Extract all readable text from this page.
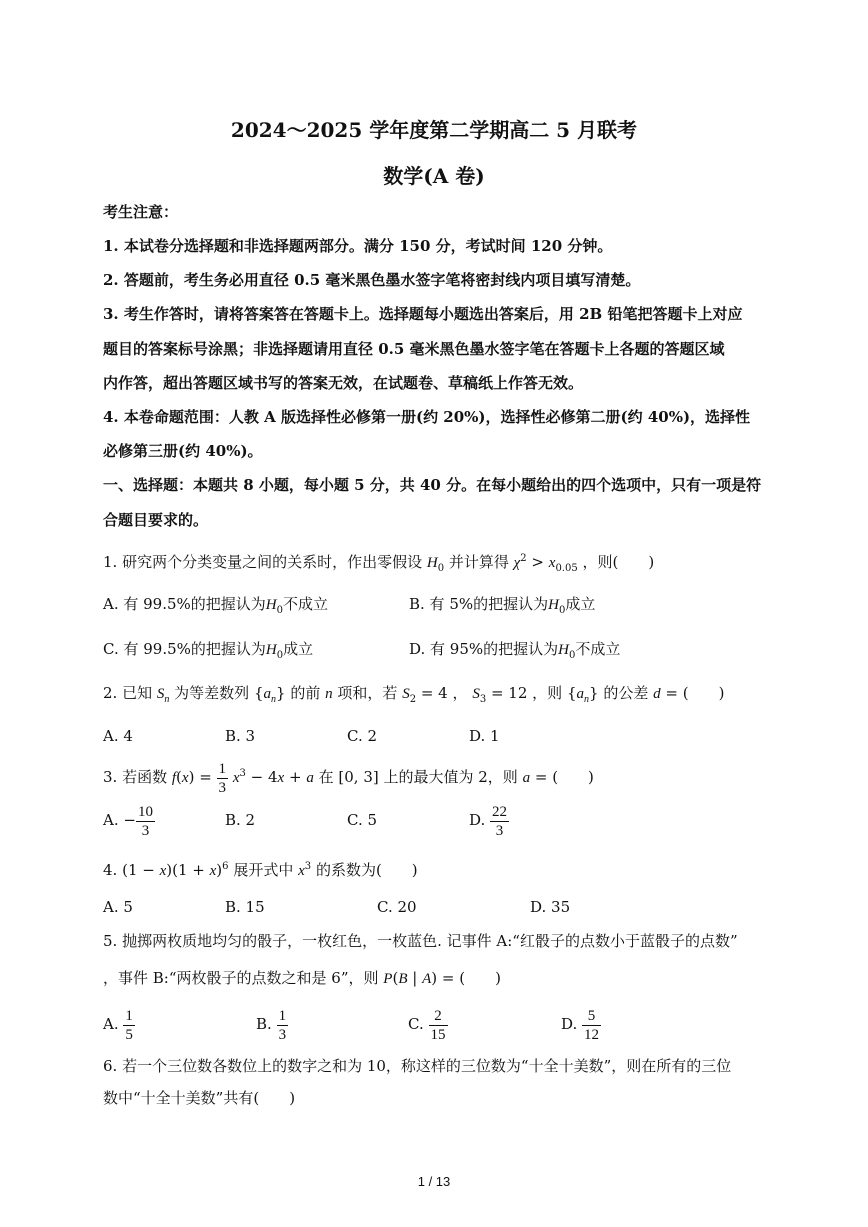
2024～2025 学年度第二学期高二 5 月联考
数学(A 卷)
考生注意：
1. 本试卷分选择题和非选择题两部分。满分 150 分，考试时间 120 分钟。
2. 答题前，考生务必用直径 0.5 毫米黑色墨水签字笔将密封线内项目填写清楚。
3. 考生作答时，请将答案答在答题卡上。选择题每小题选出答案后，用 2B 铅笔把答题卡上对应
题目的答案标号涂黑；非选择题请用直径 0.5 毫米黑色墨水签字笔在答题卡上各题的答题区域
内作答，超出答题区域书写的答案无效，在试题卷、草稿纸上作答无效。
4. 本卷命题范围：人教 A 版选择性必修第一册(约 20%)，选择性必修第二册(约 40%)，选择性
必修第三册(约 40%)。
一、选择题：本题共 8 小题，每小题 5 分，共 40 分。在每小题给出的四个选项中，只有一项是符
合题目要求的。
1. 研究两个分类变量之间的关系时，作出零假设 $H_0$ 并计算得 $\chi^2 > x_{0.05}$ ，则(　　)
A. 有 99.5%的把握认为$H_0$不成立	B. 有 5%的把握认为$H_0$成立
C. 有 99.5%的把握认为$H_0$成立	D. 有 95%的把握认为$H_0$不成立
2. 已知 $S_n$ 为等差数列 $\{a_n\}$ 的前 n 项和，若 $S_2 = 4$ ， $S_3 = 12$ ，则 $\{a_n\}$ 的公差 d = (　　)
A. 4	B. 3	C. 2	D. 1
3. 若函数 $f(x) = \frac{1}{3} x^3 - 4x + a$ 在 [0, 3] 上的最大值为 2，则 a = (　　)
A. − $\frac{10}{3}$	B. 2	C. 5	D. $\frac{22}{3}$
4. $(1 - x)(1 + x)^6$ 展开式中 $x^3$ 的系数为(　　)
A. 5	B. 15	C. 20	D. 35
5. 抛掷两枚质地均匀的骰子，一枚红色，一枚蓝色. 记事件 A:“红骰子的点数小于蓝骰子的点数”
，事件 B:“两枚骰子的点数之和是 6”，则 P(B | A) = (　　)
A. $\frac{1}{5}$	B. $\frac{1}{3}$	C. $\frac{2}{15}$	D. $\frac{5}{12}$
6. 若一个三位数各数位上的数字之和为 10，称这样的三位数为“十全十美数”，则在所有的三位
数中“十全十美数”共有(　　)
1 / 13
